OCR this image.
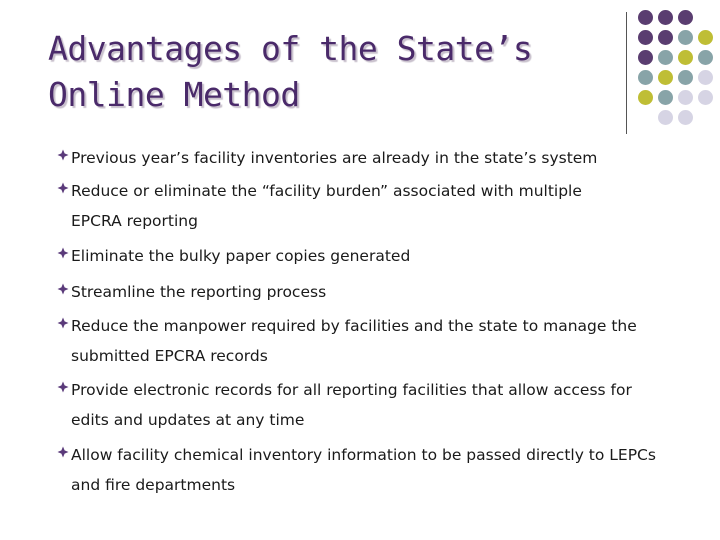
Advantages of the State’s
Online Method
Previous year’s facility inventories are already in the state’s system
Reduce or eliminate the “facility burden” associated with multiple EPCRA reporting
Eliminate the bulky paper copies generated
Streamline the reporting process
Reduce the manpower required by facilities and the state to manage the submitted EPCRA records
Provide electronic records for all reporting facilities that allow access for edits and updates at any time
Allow facility chemical inventory information to be passed directly to LEPCs and fire departments
